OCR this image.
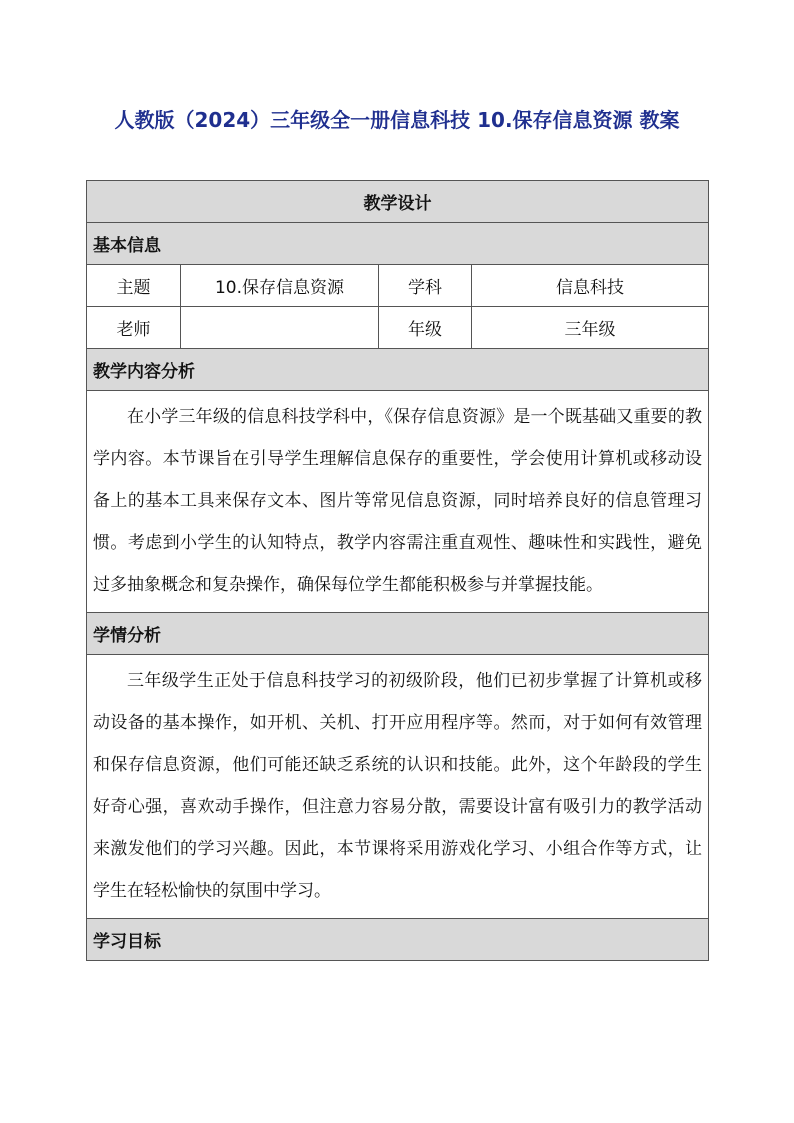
人教版（2024）三年级全一册信息科技 10.保存信息资源 教案
教学设计			
基本信息			
主题	10.保存信息资源	学科	信息科技
老师		年级	三年级
教学内容分析			
在小学三年级的信息科技学科中，《保存信息资源》是一个既基础又重要的教学内容。本节课旨在引导学生理解信息保存的重要性，学会使用计算机或移动设备上的基本工具来保存文本、图片等常见信息资源，同时培养良好的信息管理习惯。考虑到小学生的认知特点，教学内容需注重直观性、趣味性和实践性，避免过多抽象概念和复杂操作，确保每位学生都能积极参与并掌握技能。			
学情分析			
三年级学生正处于信息科技学习的初级阶段，他们已初步掌握了计算机或移动设备的基本操作，如开机、关机、打开应用程序等。然而，对于如何有效管理和保存信息资源，他们可能还缺乏系统的认识和技能。此外，这个年龄段的学生好奇心强，喜欢动手操作，但注意力容易分散，需要设计富有吸引力的教学活动来激发他们的学习兴趣。因此，本节课将采用游戏化学习、小组合作等方式，让学生在轻松愉快的氛围中学习。			
学习目标			
